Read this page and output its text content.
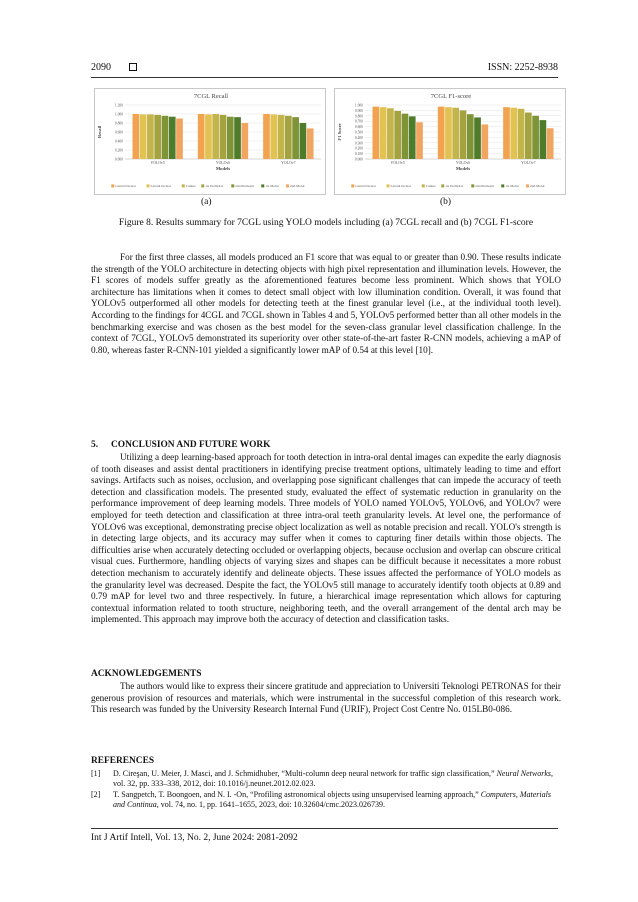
2090	ISSN: 2252-8938
7CGL Recall
0.000
0.200
0.400
0.600
0.800
1.000
1.200
Recall
YOLOv5	YOLOv6	YOLOv7
Models
Central Incisor	Lateral Incisor	Canine	1st Premolar	2nd Premolar	1st Molar	2nd Molar
7CGL F1-score
0.000
0.100
0.200
0.300
0.400
0.500
0.600
0.700
0.800
0.900
1.000
F1 Score
YOLOv5	YOLOv6	YOLOv7
Models
Central Incisor	Lateral Incisor	Canine	1st Premolar	2nd Premolar	1st Molar	2nd Molar
(a)	(b)
Figure 8. Results summary for 7CGL using YOLO models including (a) 7CGL recall and (b) 7CGL F1-score
For the first three classes, all models produced an F1 score that was equal to or greater than 0.90. These results indicate the strength of the YOLO architecture in detecting objects with high pixel representation and illumination levels. However, the F1 scores of models suffer greatly as the aforementioned features become less prominent. Which shows that YOLO architecture has limitations when it comes to detect small object with low illumination condition. Overall, it was found that YOLOv5 outperformed all other models for detecting teeth at the finest granular level (i.e., at the individual tooth level). According to the findings for 4CGL and 7CGL shown in Tables 4 and 5, YOLOv5 performed better than all other models in the benchmarking exercise and was chosen as the best model for the seven-class granular level classification challenge. In the context of 7CGL, YOLOv5 demonstrated its superiority over other state-of-the-art faster R-CNN models, achieving a mAP of 0.80, whereas faster R-CNN-101 yielded a significantly lower mAP of 0.54 at this level [10].
5. CONCLUSION AND FUTURE WORK
Utilizing a deep learning-based approach for tooth detection in intra-oral dental images can expedite the early diagnosis of tooth diseases and assist dental practitioners in identifying precise treatment options, ultimately leading to time and effort savings. Artifacts such as noises, occlusion, and overlapping pose significant challenges that can impede the accuracy of teeth detection and classification models. The presented study, evaluated the effect of systematic reduction in granularity on the performance improvement of deep learning models. Three models of YOLO named YOLOv5, YOLOv6, and YOLOv7 were employed for teeth detection and classification at three intra-oral teeth granularity levels. At level one, the performance of YOLOv6 was exceptional, demonstrating precise object localization as well as notable precision and recall. YOLO's strength is in detecting large objects, and its accuracy may suffer when it comes to capturing finer details within those objects. The difficulties arise when accurately detecting occluded or overlapping objects, because occlusion and overlap can obscure critical visual cues. Furthermore, handling objects of varying sizes and shapes can be difficult because it necessitates a more robust detection mechanism to accurately identify and delineate objects. These issues affected the performance of YOLO models as the granularity level was decreased. Despite the fact, the YOLOv5 still manage to accurately identify tooth objects at 0.89 and 0.79 mAP for level two and three respectively. In future, a hierarchical image representation which allows for capturing contextual information related to tooth structure, neighboring teeth, and the overall arrangement of the dental arch may be implemented. This approach may improve both the accuracy of detection and classification tasks.
ACKNOWLEDGEMENTS
The authors would like to express their sincere gratitude and appreciation to Universiti Teknologi PETRONAS for their generous provision of resources and materials, which were instrumental in the successful completion of this research work. This research was funded by the University Research Internal Fund (URIF), Project Cost Centre No. 015LB0-086.
REFERENCES
[1] D. Cireşan, U. Meier, J. Masci, and J. Schmidhuber, “Multi-column deep neural network for traffic sign classification,” Neural Networks, vol. 32, pp. 333–338, 2012, doi: 10.1016/j.neunet.2012.02.023.
[2] T. Sangpetch, T. Boongoen, and N. I. -On, “Profiling astronomical objects using unsupervised learning approach,” Computers, Materials and Continua, vol. 74, no. 1, pp. 1641–1655, 2023, doi: 10.32604/cmc.2023.026739.
Int J Artif Intell, Vol. 13, No. 2, June 2024: 2081-2092
